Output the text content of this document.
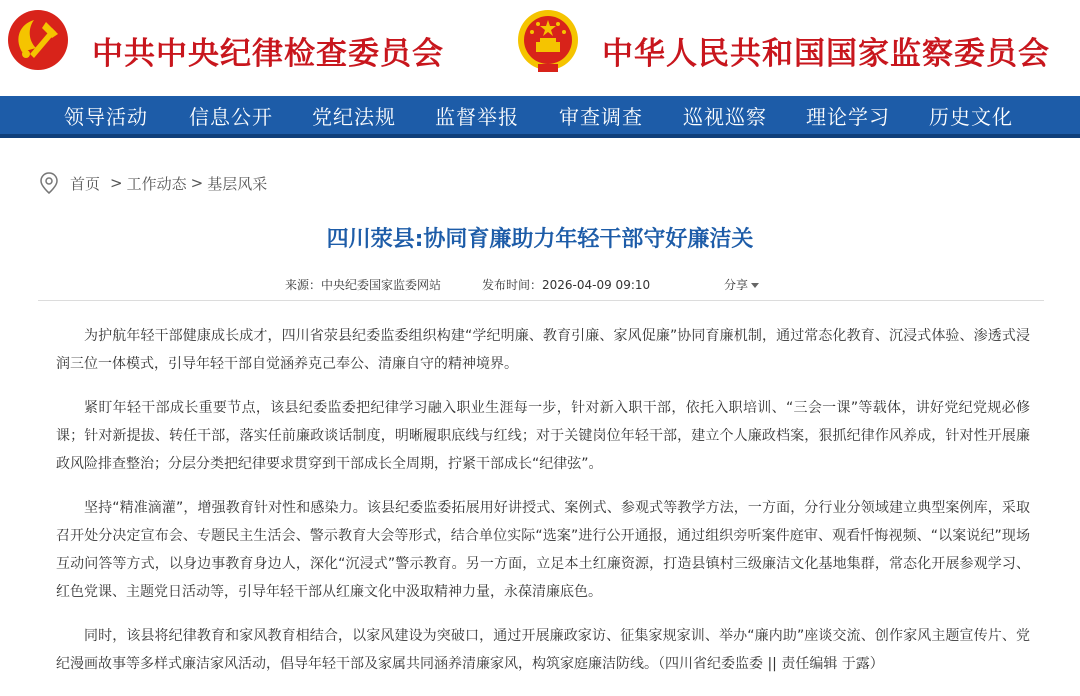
中共中央纪律检查委员会	中华人民共和国国家监察委员会
领导活动 信息公开 党纪法规 监督举报 审查调查 巡视巡察 理论学习 历史文化
首页 > 工作动态 > 基层风采
四川荥县:协同育廉助力年轻干部守好廉洁关
来源：中央纪委国家监委网站	发布时间：2026-04-09 09:10	分享

为护航年轻干部健康成长成才，四川省荥县纪委监委组织构建“学纪明廉、教育引廉、家风促廉”协同育廉机制，通过常态化教育、沉浸式体验、渗透式浸润三位一体模式，引导年轻干部自觉涵养克己奉公、清廉自守的精神境界。

紧盯年轻干部成长重要节点，该县纪委监委把纪律学习融入职业生涯每一步，针对新入职干部，依托入职培训、“三会一课”等载体，讲好党纪党规必修课；针对新提拔、转任干部，落实任前廉政谈话制度，明晰履职底线与红线；对于关键岗位年轻干部，建立个人廉政档案，狠抓纪律作风养成，针对性开展廉政风险排查整治；分层分类把纪律要求贯穿到干部成长全周期，拧紧干部成长“纪律弦”。

坚持“精准滴灌”，增强教育针对性和感染力。该县纪委监委拓展用好讲授式、案例式、参观式等教学方法，一方面，分行业分领域建立典型案例库，采取召开处分决定宣布会、专题民主生活会、警示教育大会等形式，结合单位实际“选案”进行公开通报，通过组织旁听案件庭审、观看忏悔视频、“以案说纪”现场互动问答等方式，以身边事教育身边人，深化“沉浸式”警示教育。另一方面，立足本土红廉资源，打造县镇村三级廉洁文化基地集群，常态化开展参观学习、红色党课、主题党日活动等，引导年轻干部从红廉文化中汲取精神力量，永葆清廉底色。

同时，该县将纪律教育和家风教育相结合，以家风建设为突破口，通过开展廉政家访、征集家规家训、举办“廉内助”座谈交流、创作家风主题宣传片、党纪漫画故事等多样式廉洁家风活动，倡导年轻干部及家属共同涵养清廉家风，构筑家庭廉洁防线。（四川省纪委监委 || 责任编辑 于露）
